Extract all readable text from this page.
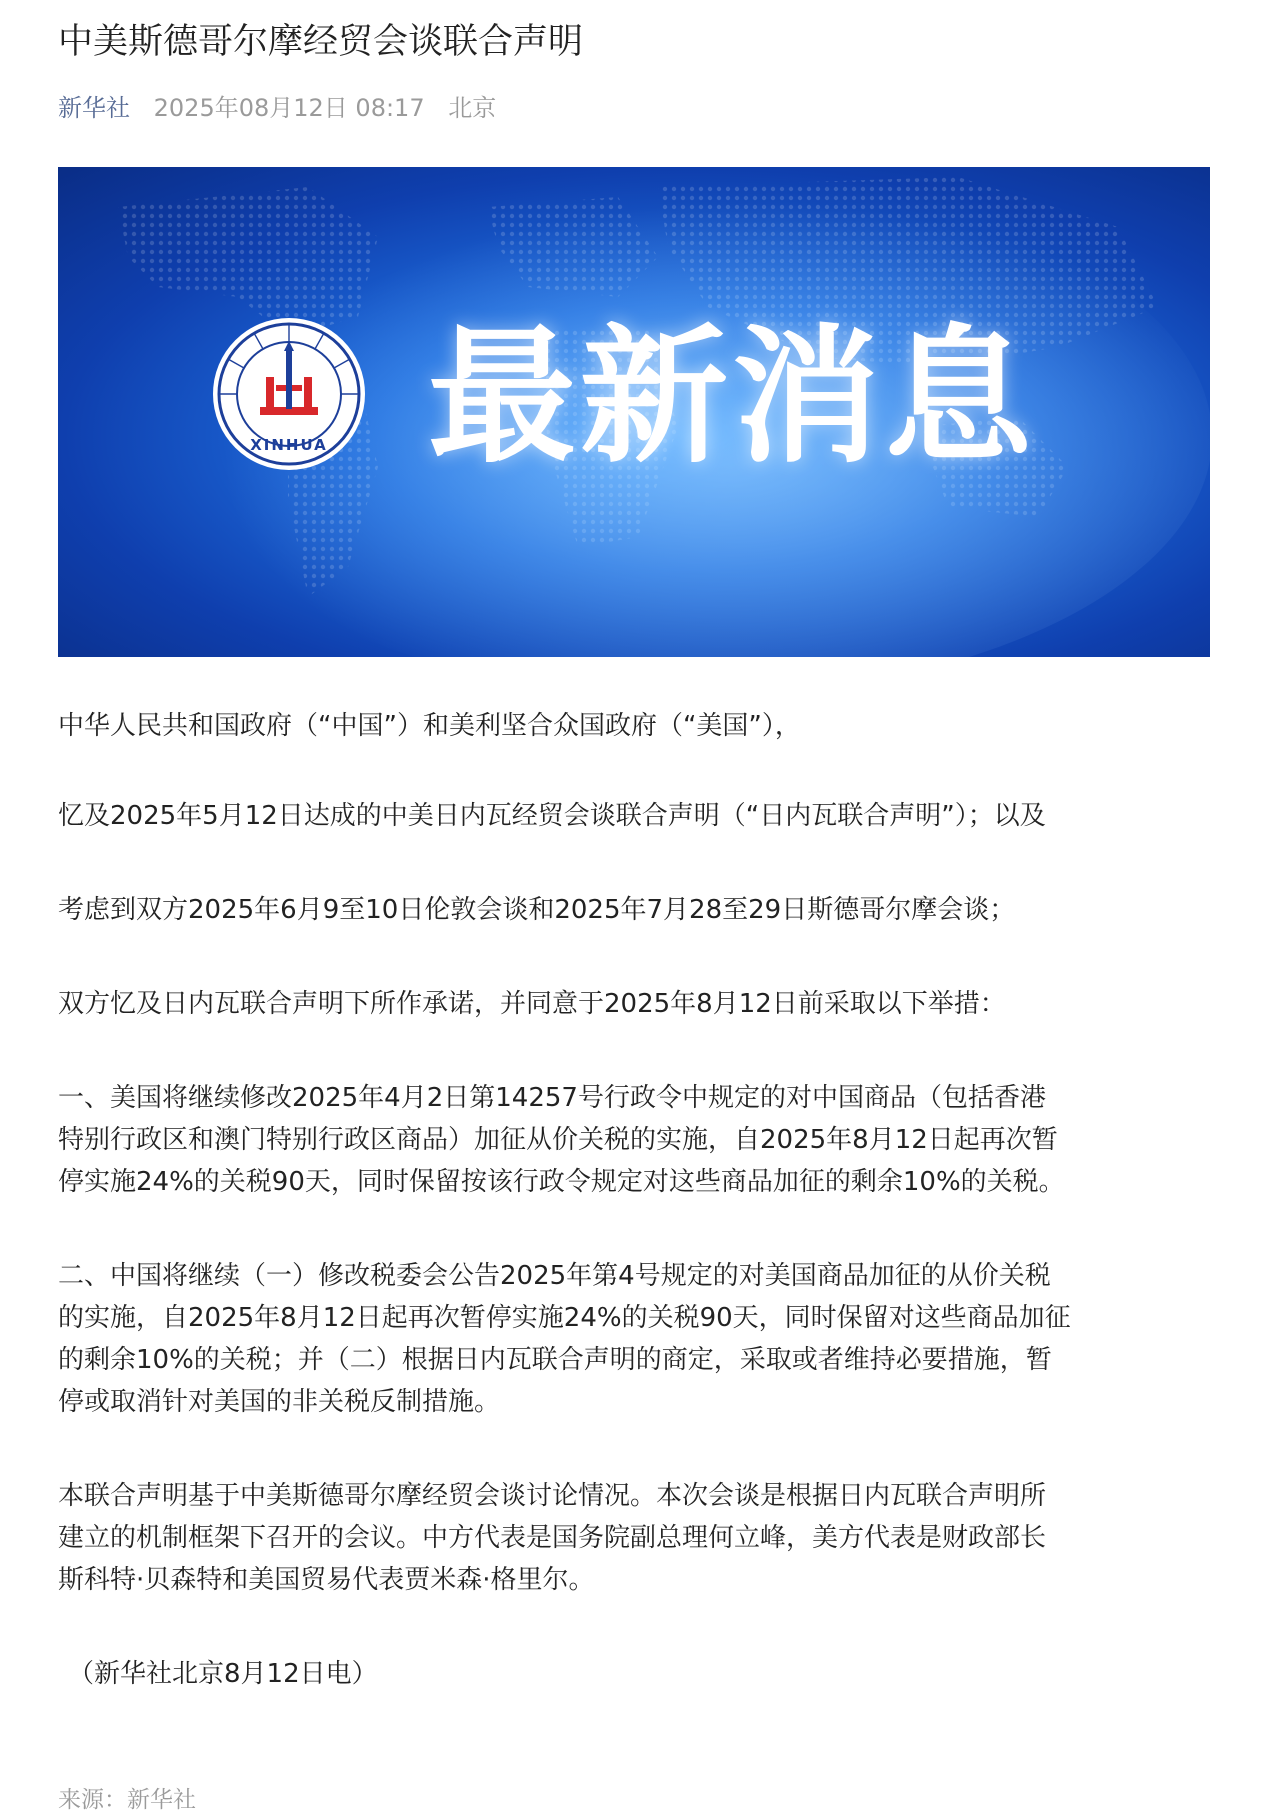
中美斯德哥尔摩经贸会谈联合声明
新华社 2025年08月12日 08:17 北京
XINHUA 最新消息

中华人民共和国政府（“中国”）和美利坚合众国政府（“美国”），

忆及2025年5月12日达成的中美日内瓦经贸会谈联合声明（“日内瓦联合声明”）；以及

考虑到双方2025年6月9至10日伦敦会谈和2025年7月28至29日斯德哥尔摩会谈；

双方忆及日内瓦联合声明下所作承诺，并同意于2025年8月12日前采取以下举措：

一、美国将继续修改2025年4月2日第14257号行政令中规定的对中国商品（包括香港
特别行政区和澳门特别行政区商品）加征从价关税的实施，自2025年8月12日起再次暂
停实施24%的关税90天，同时保留按该行政令规定对这些商品加征的剩余10%的关税。

二、中国将继续（一）修改税委会公告2025年第4号规定的对美国商品加征的从价关税
的实施，自2025年8月12日起再次暂停实施24%的关税90天，同时保留对这些商品加征
的剩余10%的关税；并（二）根据日内瓦联合声明的商定，采取或者维持必要措施，暂
停或取消针对美国的非关税反制措施。

本联合声明基于中美斯德哥尔摩经贸会谈讨论情况。本次会谈是根据日内瓦联合声明所
建立的机制框架下召开的会议。中方代表是国务院副总理何立峰，美方代表是财政部长
斯科特·贝森特和美国贸易代表贾米森·格里尔。

（新华社北京8月12日电）
来源：新华社
